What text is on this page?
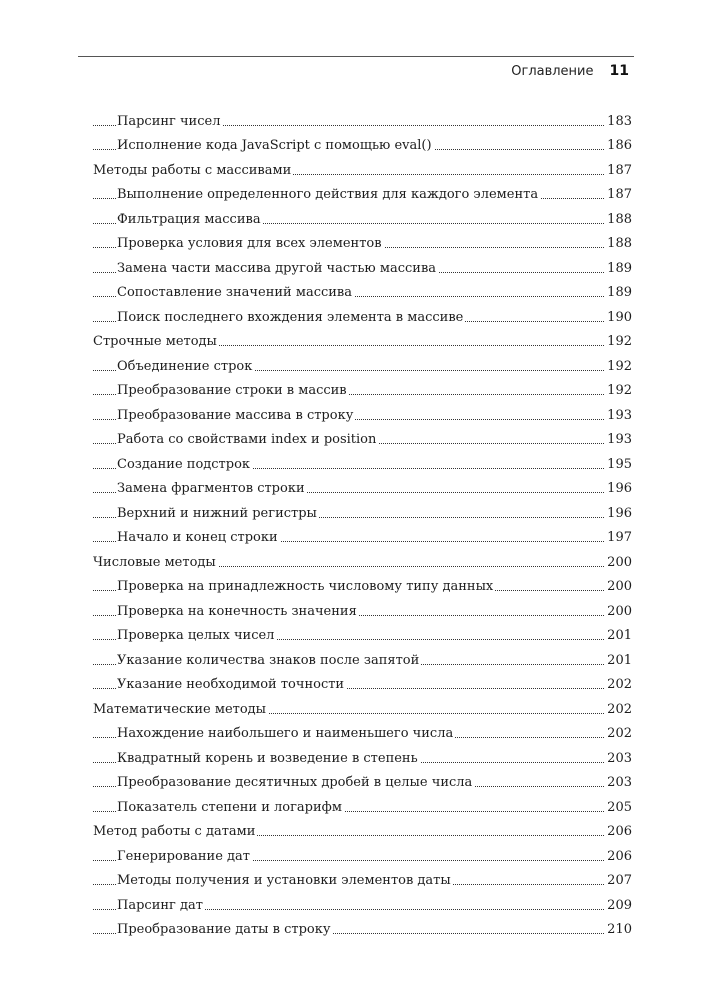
Оглавление 11
Парсинг чисел	183
Исполнение кода JavaScript с помощью eval()	186
Методы работы с массивами	187
Выполнение определенного действия для каждого элемента	187
Фильтрация массива	188
Проверка условия для всех элементов	188
Замена части массива другой частью массива	189
Сопоставление значений массива	189
Поиск последнего вхождения элемента в массиве	190
Строчные методы	192
Объединение строк	192
Преобразование строки в массив	192
Преобразование массива в строку	193
Работа со свойствами index и position	193
Создание подстрок	195
Замена фрагментов строки	196
Верхний и нижний регистры	196
Начало и конец строки	197
Числовые методы	200
Проверка на принадлежность числовому типу данных	200
Проверка на конечность значения	200
Проверка целых чисел	201
Указание количества знаков после запятой	201
Указание необходимой точности	202
Математические методы	202
Нахождение наибольшего и наименьшего числа	202
Квадратный корень и возведение в степень	203
Преобразование десятичных дробей в целые числа	203
Показатель степени и логарифм	205
Метод работы с датами	206
Генерирование дат	206
Методы получения и установки элементов даты	207
Парсинг дат	209
Преобразование даты в строку	210
